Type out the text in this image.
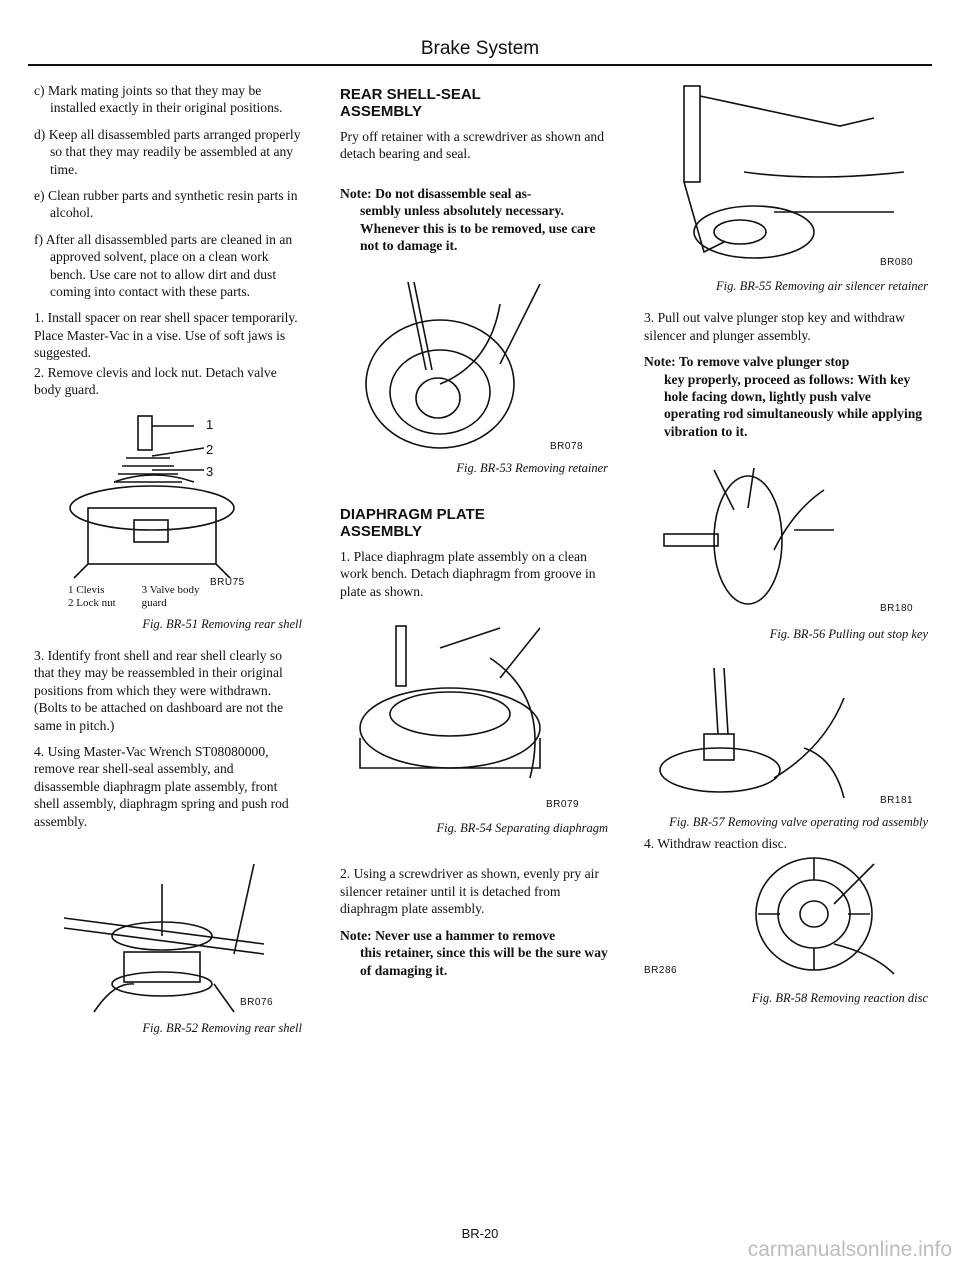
Brake System

c) Mark mating joints so that they may be installed exactly in their original positions.

d) Keep all disassembled parts arranged properly so that they may readily be assembled at any time.

e) Clean rubber parts and synthetic resin parts in alcohol.

f) After all disassembled parts are cleaned in an approved solvent, place on a clean work bench. Use care not to allow dirt and dust coming into contact with these parts.

1. Install spacer on rear shell spacer temporarily. Place Master-Vac in a vise. Use of soft jaws is suggested.

2. Remove clevis and lock nut. Detach valve body guard.

BRU75
1
2
3
1 Clevis
2 Lock nut
3 Valve body guard
Fig. BR-51 Removing rear shell

3. Identify front shell and rear shell clearly so that they may be reassembled in their original positions from which they were withdrawn. (Bolts to be attached on dashboard are not the same in pitch.)

4. Using Master-Vac Wrench ST08080000, remove rear shell-seal assembly, and disassemble diaphragm plate assembly, front shell assembly, diaphragm spring and push rod assembly.

BR076
Fig. BR-52 Removing rear shell
REAR SHELL-SEAL ASSEMBLY

Pry off retainer with a screwdriver as shown and detach bearing and seal.

Note: Do not disassemble seal as-
sembly unless absolutely necessary. Whenever this is to be removed, use care not to damage it.
BR078
Fig. BR-53 Removing retainer
DIAPHRAGM PLATE ASSEMBLY

1. Place diaphragm plate assembly on a clean work bench. Detach diaphragm from groove in plate as shown.

BR079
Fig. BR-54 Separating diaphragm

2. Using a screwdriver as shown, evenly pry air silencer retainer until it is detached from diaphragm plate assembly.

Note: Never use a hammer to remove
this retainer, since this will be the sure way of damaging it.
BR080
Fig. BR-55 Removing air silencer retainer

3. Pull out valve plunger stop key and withdraw silencer and plunger assembly.

Note: To remove valve plunger stop
key properly, proceed as follows: With key hole facing down, lightly push valve operating rod simultaneously while applying vibration to it.
BR180
Fig. BR-56 Pulling out stop key
BR181
Fig. BR-57 Removing valve operating rod assembly

4. Withdraw reaction disc.

BR286
Fig. BR-58 Removing reaction disc
BR-20
carmanualsonline.info
